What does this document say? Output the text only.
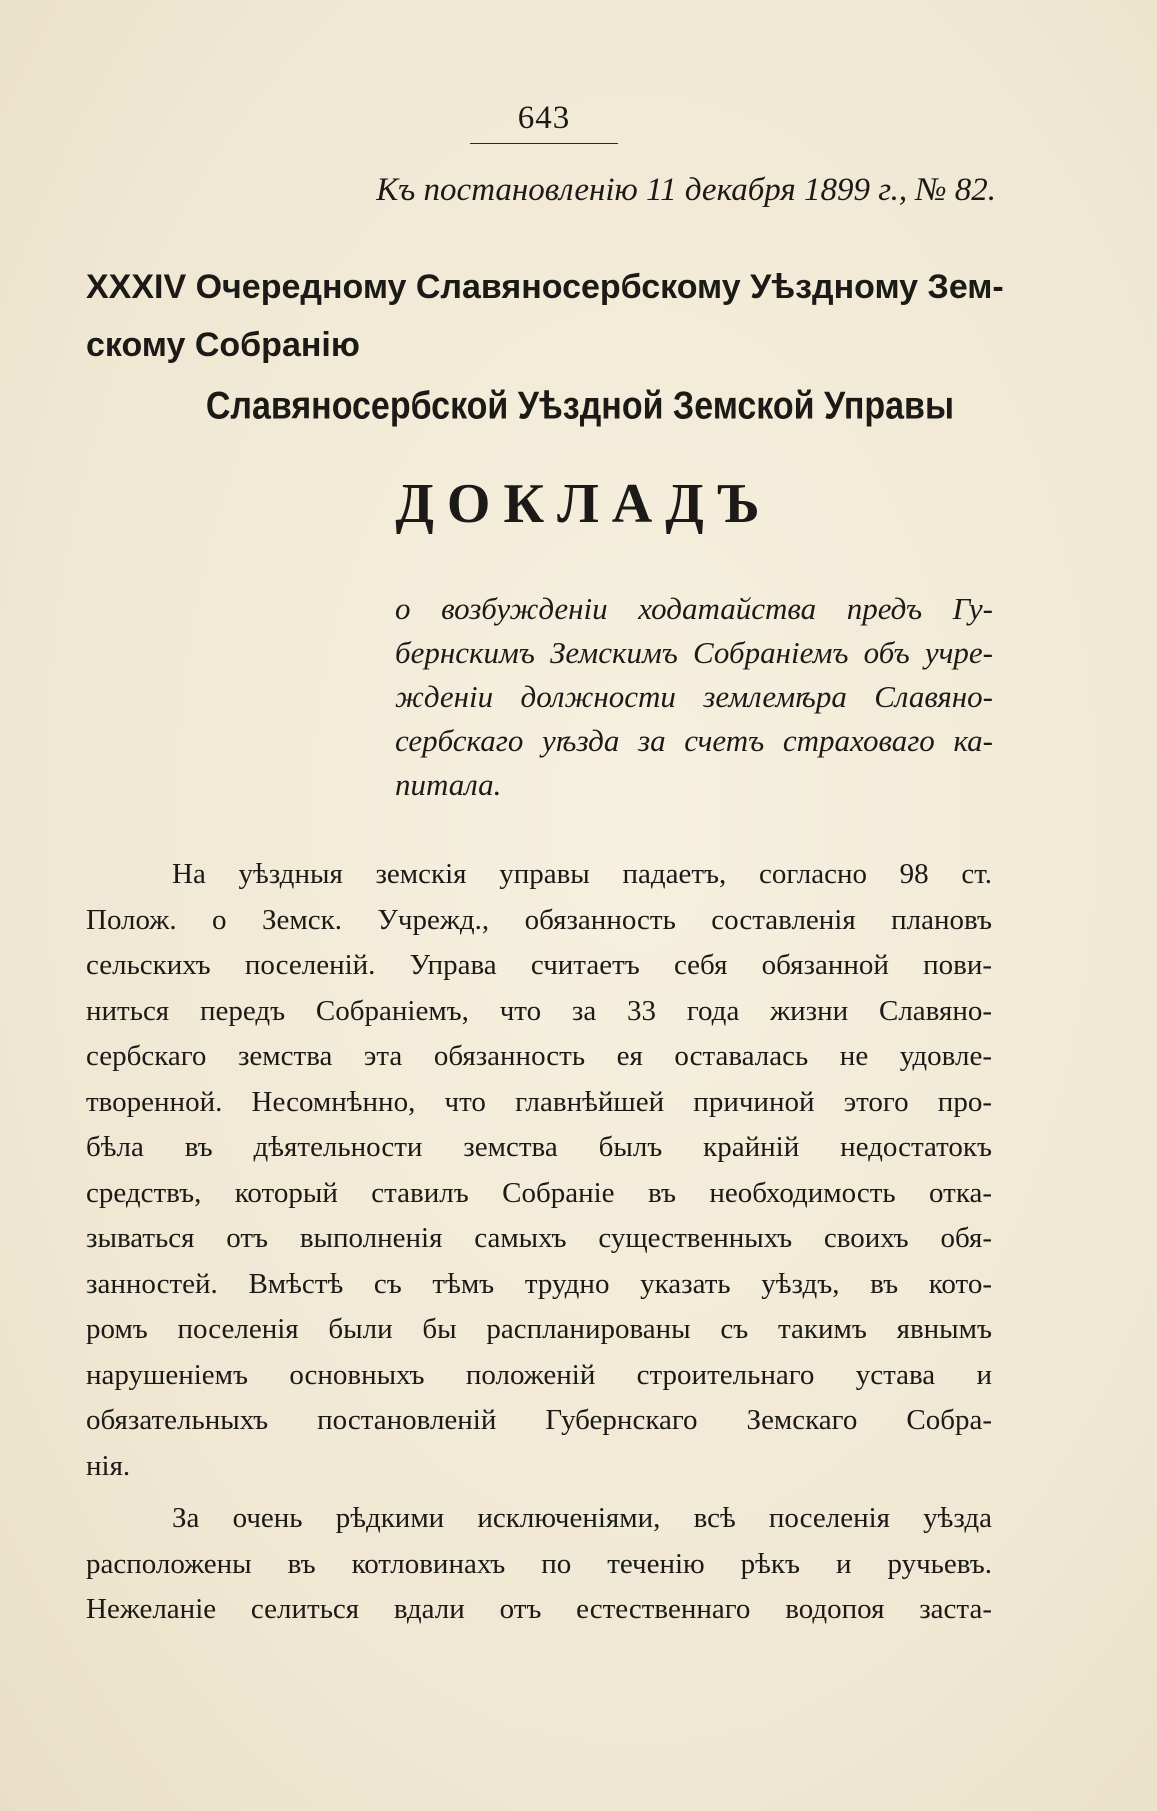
643
Къ постановленію 11 декабря 1899 г., № 82.
XXXIV Очередному Славяносербскому Уѣздному Зем-
скому Собранію
Славяносербской Уѣздной Земской Управы
ДОКЛАДЪ
о возбужденіи ходатайства предъ Гу-
бернскимъ Земскимъ Собраніемъ объ учре-
жденіи должности землемѣра Славяно-
сербскаго уѣзда за счетъ страховаго ка-
питала.
На уѣздныя земскія управы падаетъ, согласно 98 ст.
Полож. о Земск. Учрежд., обязанность составленія плановъ
сельскихъ поселеній. Управа считаетъ себя обязанной пови-
ниться передъ Собраніемъ, что за 33 года жизни Славяно-
сербскаго земства эта обязанность ея оставалась не удовле-
творенной. Несомнѣнно, что главнѣйшей причиной этого про-
бѣла въ дѣятельности земства былъ крайній недостатокъ
средствъ, который ставилъ Собраніе въ необходимость отка-
зываться отъ выполненія самыхъ существенныхъ своихъ обя-
занностей. Вмѣстѣ съ тѣмъ трудно указать уѣздъ, въ кото-
ромъ поселенія были бы распланированы съ такимъ явнымъ
нарушеніемъ основныхъ положеній строительнаго устава и
обязательныхъ постановленій Губернскаго Земскаго Собра-
нія.
За очень рѣдкими исключеніями, всѣ поселенія уѣзда
расположены въ котловинахъ по теченію рѣкъ и ручьевъ.
Нежеланіе селиться вдали отъ естественнаго водопоя заста-
